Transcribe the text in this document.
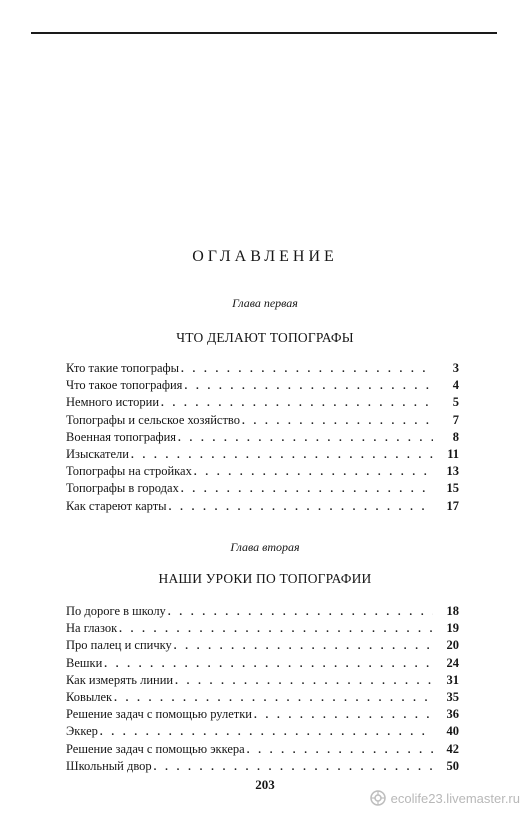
ОГЛАВЛЕНИЕ
Глава первая
ЧТО ДЕЛАЮТ ТОПОГРАФЫ
Кто такие топографы . . .	3
Что такое топография . . .	4
Немного истории . . .	5
Топографы и сельское хозяйство . . .	7
Военная топография . . .	8
Изыскатели . . .	11
Топографы на стройках . . .	13
Топографы в городах . . .	15
Как стареют карты . . .	17
Глава вторая
НАШИ УРОКИ ПО ТОПОГРАФИИ
По дороге в школу . . .	18
На глазок . . .	19
Про палец и спичку . . .	20
Вешки . . .	24
Как измерять линии . . .	31
Ковылек . . .	35
Решение задач с помощью рулетки . . .	36
Эккер . . .	40
Решение задач с помощью эккера . . .	42
Школьный двор . . .	50
203
ecolife23.livemaster.ru
